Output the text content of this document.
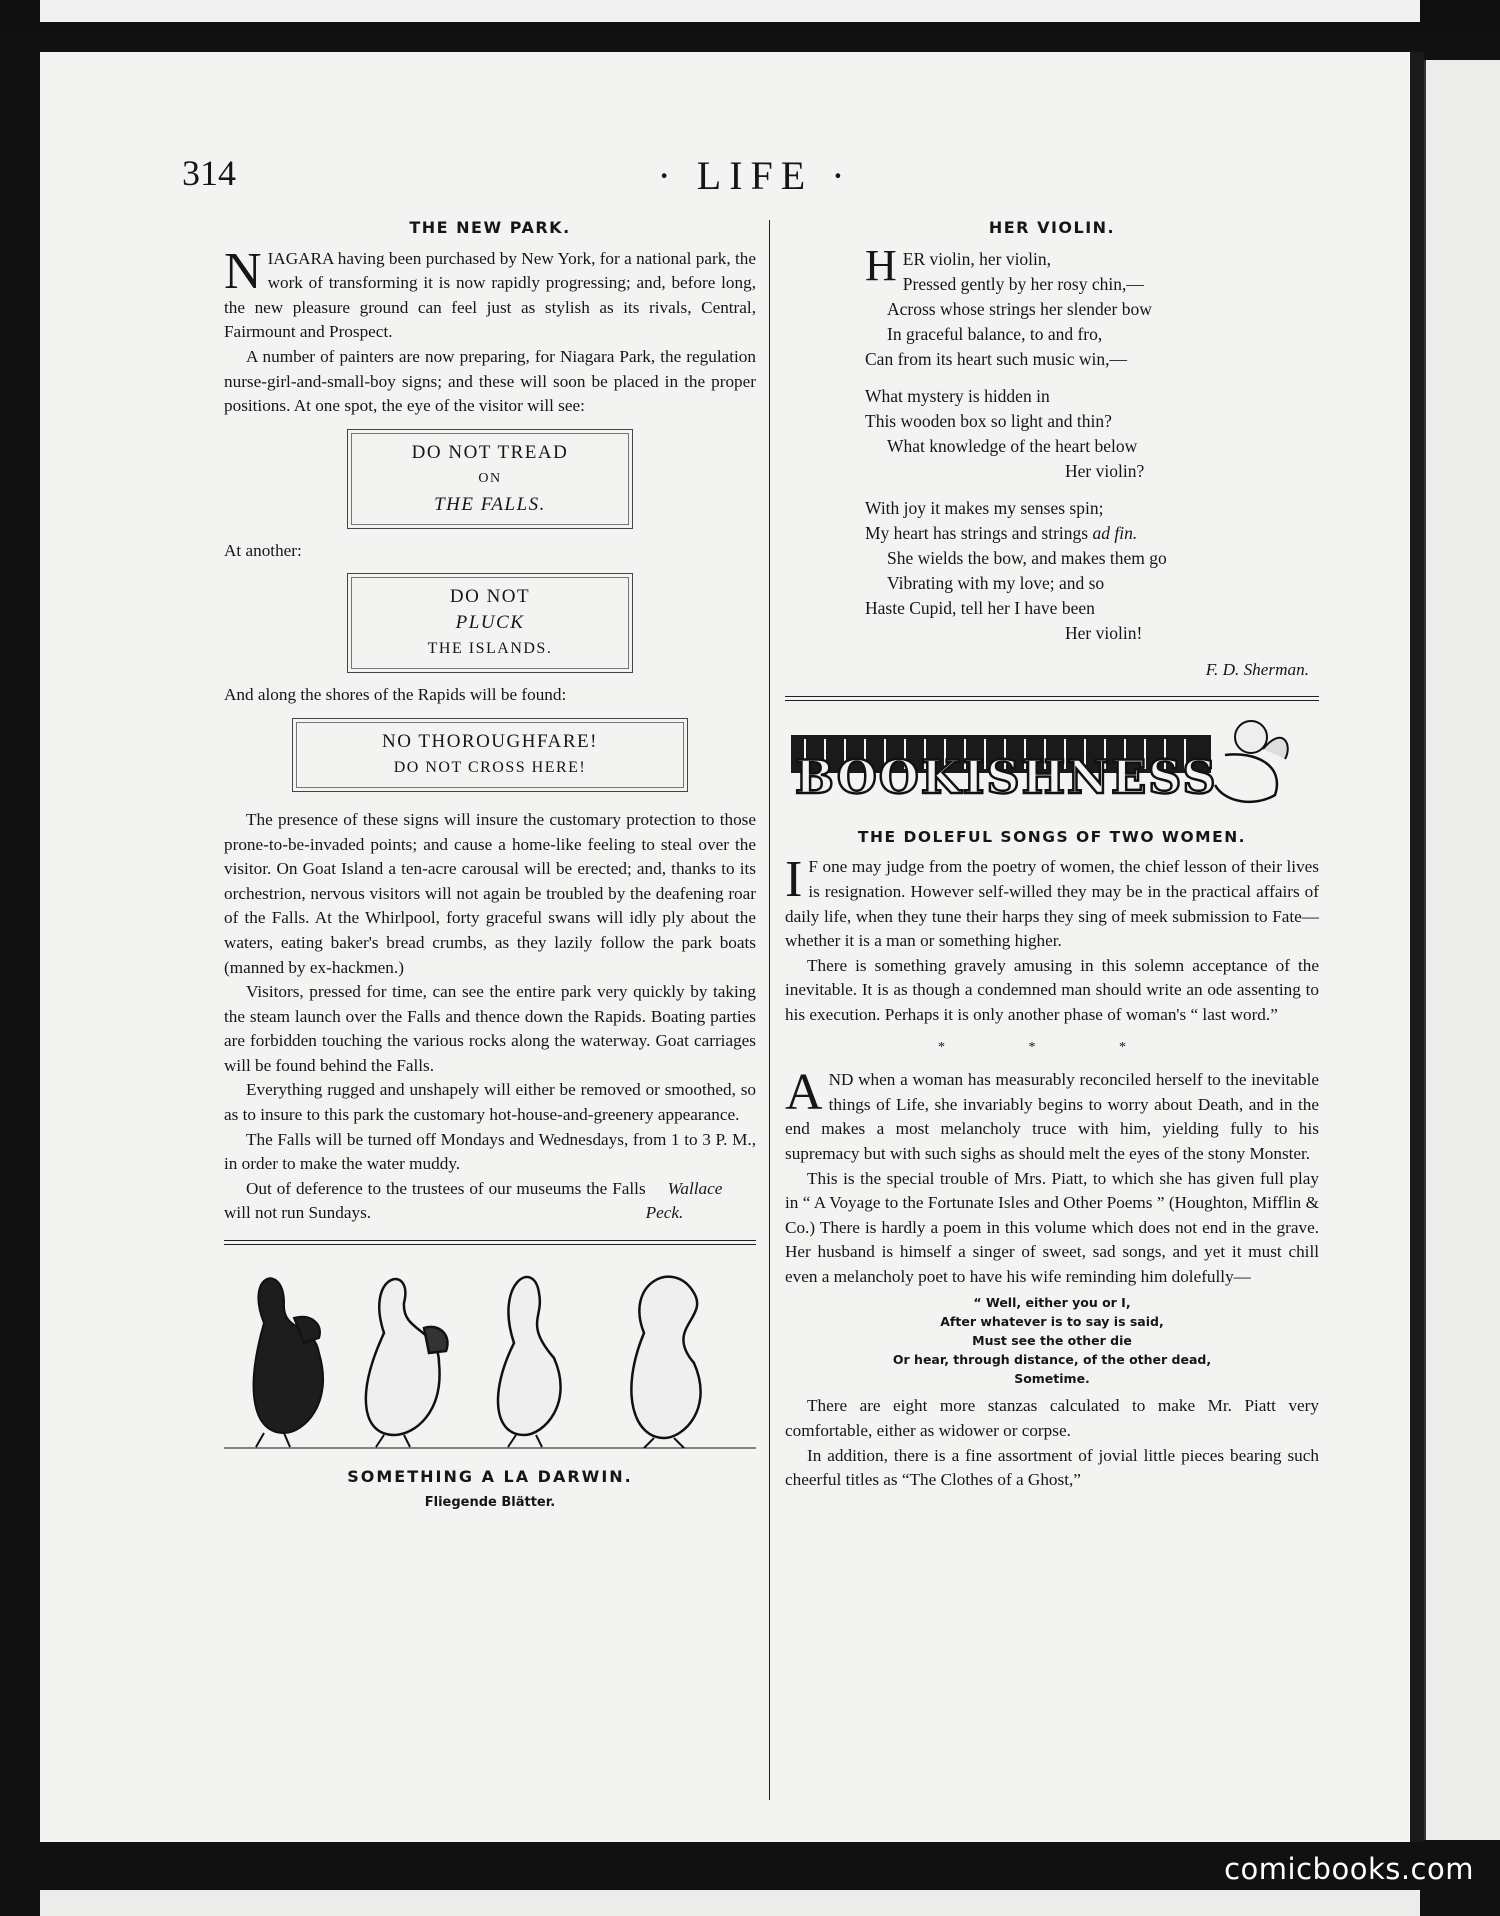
comicbooks.com
314	· LIFE ·
THE NEW PARK.

NIAGARA having been purchased by New York, for a national park, the work of transforming it is now rapidly progressing; and, before long, the new pleasure ground can feel just as stylish as its rivals, Central, Fairmount and Prospect.

A number of painters are now preparing, for Niagara Park, the regulation nurse-girl-and-small-boy signs; and these will soon be placed in the proper positions. At one spot, the eye of the visitor will see:

DO NOT TREAD
ON
THE FALLS.

At another:

DO NOT
PLUCK
THE ISLANDS.

And along the shores of the Rapids will be found:

NO THOROUGHFARE!
DO NOT CROSS HERE!

The presence of these signs will insure the customary protection to those prone-to-be-invaded points; and cause a home-like feeling to steal over the visitor. On Goat Island a ten-acre carousal will be erected; and, thanks to its orchestrion, nervous visitors will not again be troubled by the deafening roar of the Falls. At the Whirlpool, forty graceful swans will idly ply about the waters, eating baker's bread crumbs, as they lazily follow the park boats (manned by ex-hackmen.)

Visitors, pressed for time, can see the entire park very quickly by taking the steam launch over the Falls and thence down the Rapids. Boating parties are forbidden touching the various rocks along the waterway. Goat carriages will be found behind the Falls.

Everything rugged and unshapely will either be removed or smoothed, so as to insure to this park the customary hot-house-and-greenery appearance.

The Falls will be turned off Mondays and Wednesdays, from 1 to 3 P. M., in order to make the water muddy.

Out of deference to the trustees of our museums the Falls will not run Sundays.
Wallace Peck.

SOMETHING A LA DARWIN.
Fliegende Blätter.
HER VIOLIN.
HER violin, her violin,
Pressed gently by her rosy chin,—
Across whose strings her slender bow
In graceful balance, to and fro,
Can from its heart such music win,—
What mystery is hidden in
This wooden box so light and thin?
What knowledge of the heart below
Her violin?
With joy it makes my senses spin;
My heart has strings and strings ad fin.
She wields the bow, and makes them go
Vibrating with my love; and so
Haste Cupid, tell her I have been
Her violin!
F. D. Sherman.
BOOKISHNESS
THE DOLEFUL SONGS OF TWO WOMEN.

I F one may judge from the poetry of women, the chief lesson of their lives is resignation. However self-willed they may be in the practical affairs of daily life, when they tune their harps they sing of meek submission to Fate—whether it is a man or something higher.

There is something gravely amusing in this solemn acceptance of the inevitable. It is as though a condemned man should write an ode assenting to his execution. Perhaps it is only another phase of woman's “ last word.”

* * *

AND when a woman has measurably reconciled herself to the inevitable things of Life, she invariably begins to worry about Death, and in the end makes a most melancholy truce with him, yielding fully to his supremacy but with such sighs as should melt the eyes of the stony Monster.

This is the special trouble of Mrs. Piatt, to which she has given full play in “ A Voyage to the Fortunate Isles and Other Poems ” (Houghton, Mifflin & Co.) There is hardly a poem in this volume which does not end in the grave. Her husband is himself a singer of sweet, sad songs, and yet it must chill even a melancholy poet to have his wife reminding him dolefully—

“ Well, either you or I,
After whatever is to say is said,
Must see the other die
Or hear, through distance, of the other dead,
Sometime.

There are eight more stanzas calculated to make Mr. Piatt very comfortable, either as widower or corpse.

In addition, there is a fine assortment of jovial little pieces bearing such cheerful titles as “The Clothes of a Ghost,”
